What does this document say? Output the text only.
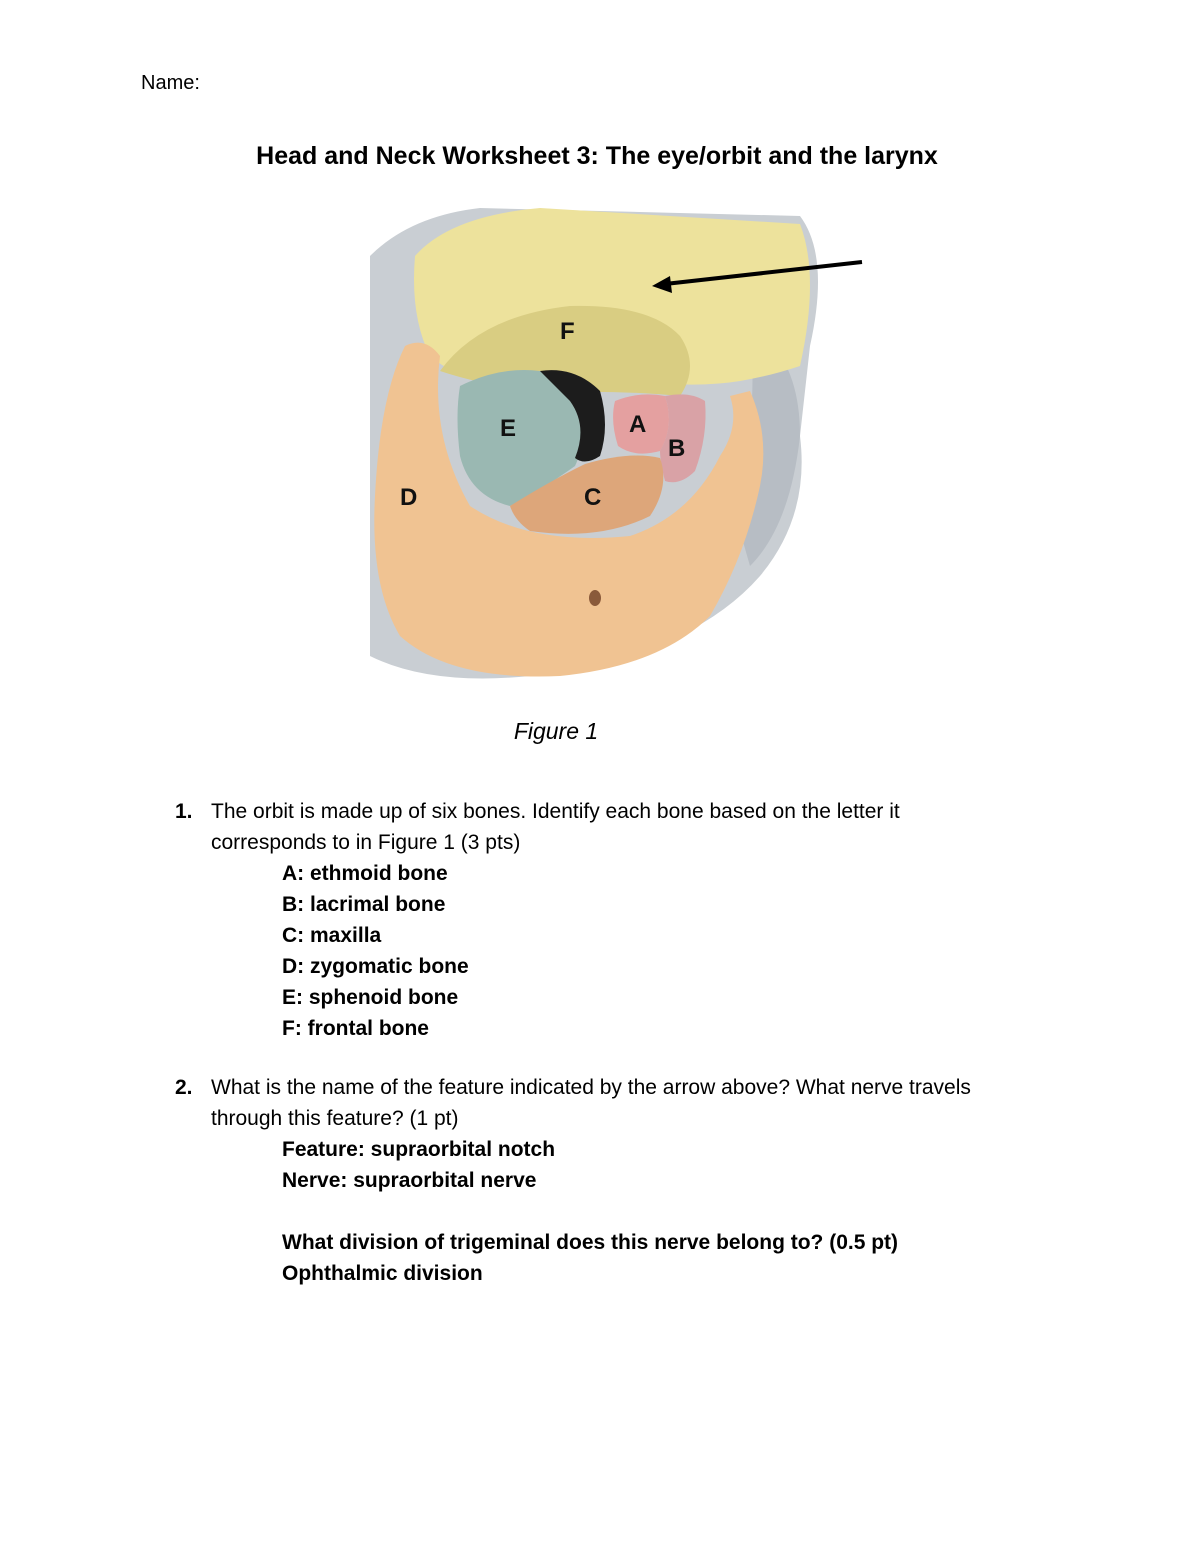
Name:
Head and Neck Worksheet 3: The eye/orbit and the larynx
F
E	A
B
C
D
Figure 1
1. The orbit is made up of six bones. Identify each bone based on the letter it corresponds to in Figure 1 (3 pts)
A: ethmoid bone
B: lacrimal bone
C: maxilla
D: zygomatic bone
E: sphenoid bone
F: frontal bone
2. What is the name of the feature indicated by the arrow above? What nerve travels through this feature? (1 pt)
Feature: supraorbital notch
Nerve: supraorbital nerve
What division of trigeminal does this nerve belong to? (0.5 pt)
Ophthalmic division
